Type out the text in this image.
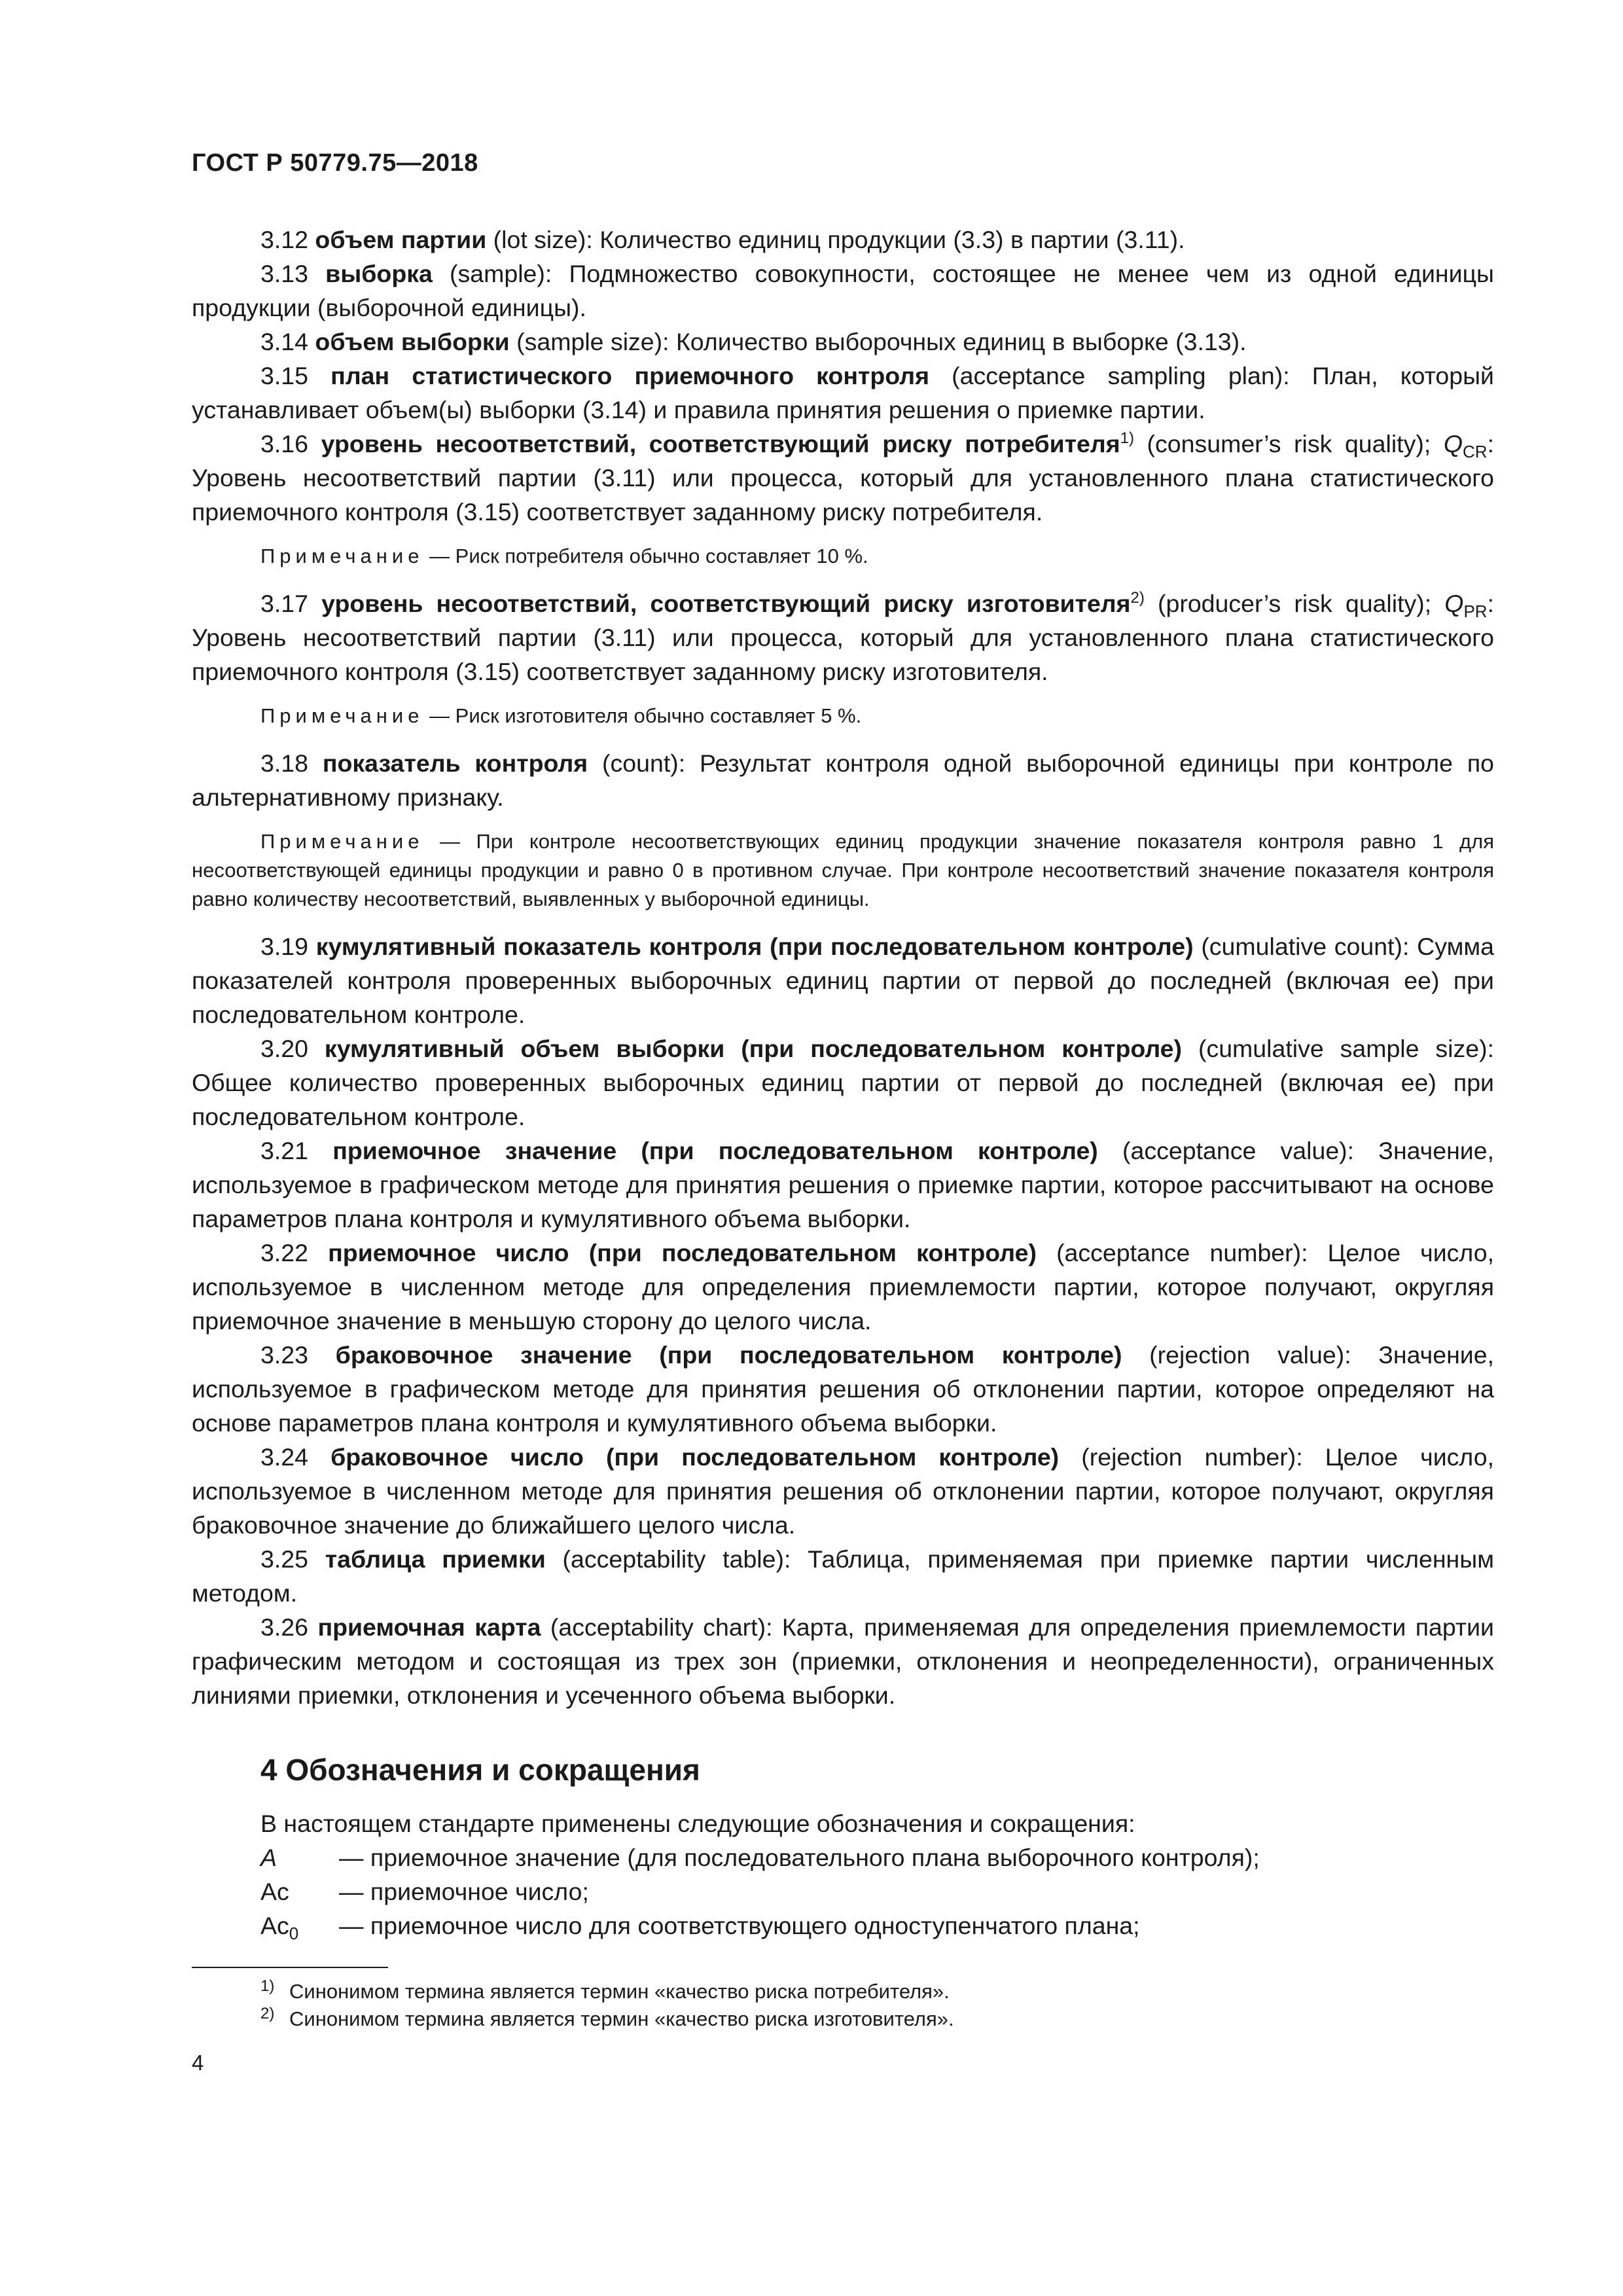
ГОСТ Р 50779.75—2018

3.12 объем партии (lot size): Количество единиц продукции (3.3) в партии (3.11).

3.13 выборка (sample): Подмножество совокупности, состоящее не менее чем из одной единицы продукции (выборочной единицы).

3.14 объем выборки (sample size): Количество выборочных единиц в выборке (3.13).

3.15 план статистического приемочного контроля (acceptance sampling plan): План, который устанавливает объем(ы) выборки (3.14) и правила принятия решения о приемке партии.

3.16 уровень несоответствий, соответствующий риску потребителя$^{1)}$ (consumer’s risk quality); $Q_{CR}$: Уровень несоответствий партии (3.11) или процесса, который для установленного плана статистического приемочного контроля (3.15) соответствует заданному риску потребителя.

Примечание — Риск потребителя обычно составляет 10 %.

3.17 уровень несоответствий, соответствующий риску изготовителя$^{2)}$ (producer’s risk quality); $Q_{PR}$: Уровень несоответствий партии (3.11) или процесса, который для установленного плана статистического приемочного контроля (3.15) соответствует заданному риску изготовителя.

Примечание — Риск изготовителя обычно составляет 5 %.

3.18 показатель контроля (count): Результат контроля одной выборочной единицы при контроле по альтернативному признаку.

Примечание — При контроле несоответствующих единиц продукции значение показателя контроля равно 1 для несоответствующей единицы продукции и равно 0 в противном случае. При контроле несоответствий значение показателя контроля равно количеству несоответствий, выявленных у выборочной единицы.

3.19 кумулятивный показатель контроля (при последовательном контроле) (cumulative count): Сумма показателей контроля проверенных выборочных единиц партии от первой до последней (включая ее) при последовательном контроле.

3.20 кумулятивный объем выборки (при последовательном контроле) (cumulative sample size): Общее количество проверенных выборочных единиц партии от первой до последней (включая ее) при последовательном контроле.

3.21 приемочное значение (при последовательном контроле) (acceptance value): Значение, используемое в графическом методе для принятия решения о приемке партии, которое рассчитывают на основе параметров плана контроля и кумулятивного объема выборки.

3.22 приемочное число (при последовательном контроле) (acceptance number): Целое число, используемое в численном методе для определения приемлемости партии, которое получают, округляя приемочное значение в меньшую сторону до целого числа.

3.23 браковочное значение (при последовательном контроле) (rejection value): Значение, используемое в графическом методе для принятия решения об отклонении партии, которое определяют на основе параметров плана контроля и кумулятивного объема выборки.

3.24 браковочное число (при последовательном контроле) (rejection number): Целое число, используемое в численном методе для принятия решения об отклонении партии, которое получают, округляя браковочное значение до ближайшего целого числа.

3.25 таблица приемки (acceptability table): Таблица, применяемая при приемке партии численным методом.

3.26 приемочная карта (acceptability chart): Карта, применяемая для определения приемлемости партии графическим методом и состоящая из трех зон (приемки, отклонения и неопределенности), ограниченных линиями приемки, отклонения и усеченного объема выборки.

4 Обозначения и сокращения

В настоящем стандарте применены следующие обозначения и сокращения:

A	— приемочное значение (для последовательного плана выборочного контроля);
Ac	— приемочное число;
$Ac_0$	— приемочное число для соответствующего одноступенчатого плана;
1) Синонимом термина является термин «качество риска потребителя».
2) Синонимом термина является термин «качество риска изготовителя».
4
